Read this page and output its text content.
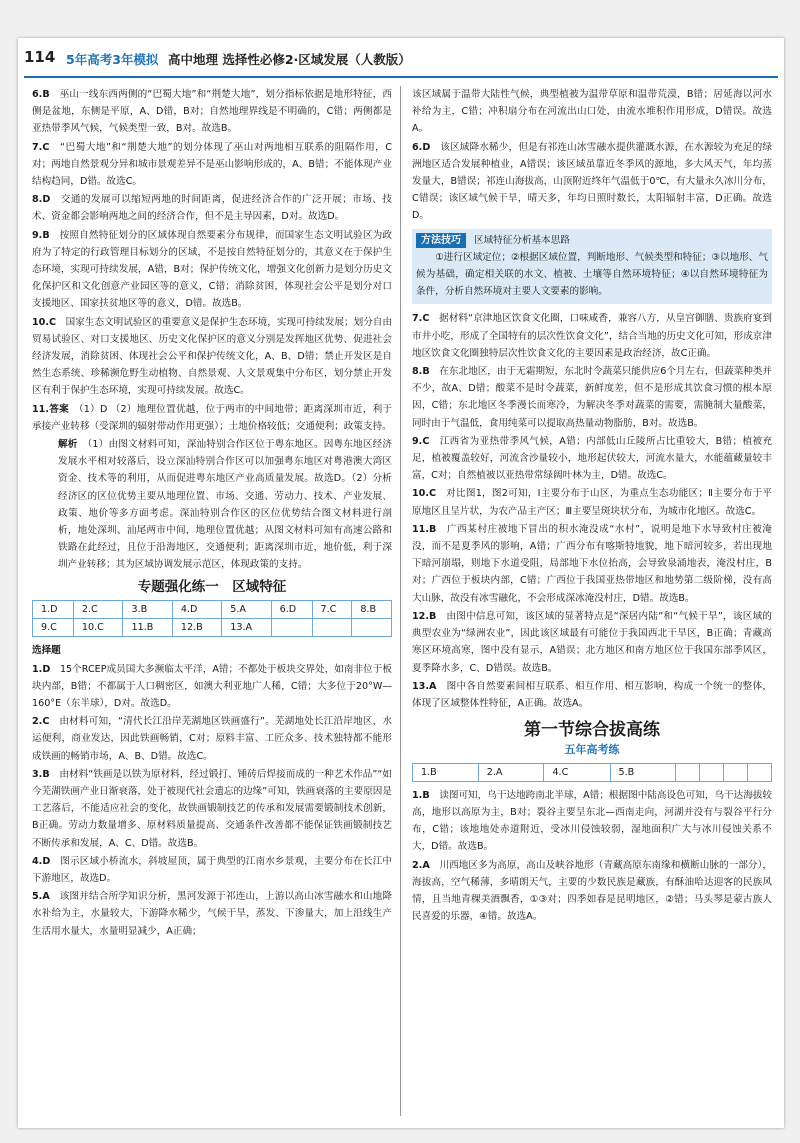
114 5年高考3年模拟 高中地理 选择性必修2·区域发展（人教版）

6.B　 巫山一线东西两侧的“巴蜀大地”和“荆楚大地”，划分指标依据是地形特征，西侧是盆地，东侧是平原，A、D错，B对；自然地理界线是不明确的，C错；两侧都是亚热带季风气候，气候类型一致，B对。故选B。

7.C　 “巴蜀大地”和“荆楚大地”的划分体现了巫山对两地相互联系的阻隔作用，C对；两地自然景观分异和城市景观差异不是巫山影响形成的，A、B错；不能体现产业结构趋同，D错。故选C。

8.D　 交通的发展可以缩短两地的时间距离，促进经济合作的广泛开展；市场、技术、资金都会影响两地之间的经济合作，但不是主导因素，D对。故选D。

9.B　 按照自然特征划分的区域体现自然要素分布规律，而国家生态文明试验区为政府为了特定的行政管理目标划分的区域，不是按自然特征划分的，其意义在于保护生态环境，实现可持续发展，A错，B对；保护传统文化，增强文化创新力是划分历史文化保护区和文化创意产业园区等的意义，C错；消除贫困，体现社会公平是划分对口支援地区、国家扶贫地区等的意义，D错。故选B。

10.C　 国家生态文明试验区的重要意义是保护生态环境，实现可持续发展；划分自由贸易试验区、对口支援地区、历史文化保护区的意义分别是发挥地区优势、促进社会经济发展，消除贫困、体现社会公平和保护传统文化，A、B、D错；禁止开发区是自然生态系统、珍稀濒危野生动植物、自然景观、人文景观集中分布区，划分禁止开发区有利于保护生态环境，实现可持续发展。故选C。

11.答案　 （1）D （2）地理位置优越，位于两市的中间地带；距离深圳市近，利于承接产业转移（受深圳的辐射带动作用更强）；土地价格较低；交通便利；政策支持。

解析　 （1）由图文材料可知，深汕特别合作区位于粤东地区。因粤东地区经济发展水平相对较落后，设立深汕特别合作区可以加强粤东地区对粤港澳大湾区资金、技术等的利用，从而促进粤东地区产业高质量发展。故选D。（2）分析经济区的区位优势主要从地理位置、市场、交通、劳动力、技术、产业发展、政策、地价等多方面考虑。深汕特别合作区的区位优势结合图文材料进行剖析，地处深圳、汕尾两市中间，地理位置优越；从图文材料可知有高速公路和铁路在此经过，且位于沿海地区，交通便利；距离深圳市近，地价低，利于深圳产业转移；其为区域协调发展示范区，体现政策的支持。

专题强化练一　区域特征
1.D	2.C	3.B	4.D	5.A	6.D	7.C	8.B
9.C	10.C	11.B	12.B	13.A			
选择题

1.D　 15个RCEP成员国大多濒临太平洋，A错；不都处于板块交界处，如南非位于板块内部，B错；不都属于人口稠密区，如澳大利亚地广人稀，C错；大多位于20°W—160°E（东半球），D对。故选D。

2.C　 由材料可知，“清代长江沿岸芜湖地区铁画盛行”。芜湖地处长江沿岸地区，水运便利，商业发达，因此铁画畅销，C对；原料丰富、工匠众多、技术独特都不能形成铁画的畅销市场，A、B、D错。故选C。

3.B　 由材料“铁画是以铁为原材料，经过锻打、锤砖后焊接而成的一种艺术作品”“如今芜湖铁画产业日渐衰落，处于被现代社会遗忘的边缘”可知，铁画衰落的主要原因是工艺落后，不能适应社会的变化，故铁画锻制技艺的传承和发展需要锻制技术创新，B正确。劳动力数量增多、原材料质量提高、交通条件改善都不能保证铁画锻制技艺不断传承和发展，A、C、D错。故选B。

4.D　 图示区域小桥流水，斜坡屋顶，属于典型的江南水乡景观，主要分布在长江中下游地区，故选D。

5.A　 该图并结合所学知识分析，黑河发源于祁连山，上游以高山冰雪融水和山地降水补给为主，水量较大，下游降水稀少，气候干旱，蒸发、下渗量大，加上沿线生产生活用水量大，水量明显减少，A正确；

该区域属于温带大陆性气候，典型植被为温带草原和温带荒漠，B错；居延海以河水补给为主，C错；冲积扇分布在河流出山口处，由流水堆积作用形成，D错误。故选A。

6.D　 该区域降水稀少，但是有祁连山冰雪融水提供灌溉水源，在水源较为充足的绿洲地区适合发展种植业，A错误；该区域虽靠近冬季风的源地，多大风天气，年均蒸发量大，B错误；祁连山海拔高，山顶附近终年气温低于0℃，有大量永久冰川分布，C错误；该区域气候干旱，晴天多，年均日照时数长，太阳辐射丰富，D正确。故选D。

方法技巧	区域特征分析基本思路
①进行区域定位；②根据区域位置，判断地形、气候类型和特征；③以地形、气候为基础，确定相关联的水文、植被、土壤等自然环境特征；④以自然环境特征为条件，分析自然环境对主要人文要素的影响。

7.C　 据材料“京津地区饮食文化圈，口味咸香，兼容八方，从皇宫御膳、贵族府宴到市井小吃，形成了全国特有的层次性饮食文化”，结合当地的历史文化可知，形成京津地区饮食文化圈独特层次性饮食文化的主要因素是政治经济，故C正确。

8.B　 在东北地区，由于无霜期短，东北时令蔬菜只能供应6个月左右，但蔬菜种类并不少，故A、D错；酸菜不是时令蔬菜，新鲜度差，但不是形成其饮食习惯的根本原因，C错；东北地区冬季漫长而寒冷，为解决冬季对蔬菜的需要，需腌制大量酸菜，同时由于气温低，食用纯菜可以提取高热量动物脂肪，B对。故选B。

9.C　 江西省为亚热带季风气候，A错；内部低山丘陵所占比重较大，B错；植被充足，植被覆盖较好，河流含沙量较小，地形起伏较大，河流水量大，水能蕴藏量较丰富，C对；自然植被以亚热带常绿阔叶林为主，D错。故选C。

10.C　 对比图1，图2可知，Ⅰ主要分布于山区，为重点生态功能区；Ⅱ主要分布于平原地区且呈片状，为农产品主产区；Ⅲ主要呈斑块状分布，为城市化地区。故选C。

11.B　 广西某村庄被地下冒出的积水淹没成“水村”，说明是地下水导致村庄被淹没，而不是夏季风的影响，A错；广西分布有喀斯特地貌，地下暗河较多，若出现地下暗河崩塌，则地下水道受阻，局部地下水位抬高，会导致泉涌地表，淹没村庄，B对；广西位于板块内部，C错；广西位于我国亚热带地区和地势第二级阶梯，没有高大山脉，故没有冰雪融化，不会形成深冰淹没村庄，D错。故选B。

12.B　 由图中信息可知，该区域的显著特点是“深居内陆”和“气候干旱”，该区域的典型农业为“绿洲农业”，因此该区域最有可能位于我国西北干旱区，B正确；青藏高寒区环境高寒，图中没有显示，A错误；北方地区和南方地区位于我国东部季风区，夏季降水多，C、D错误。故选B。

13.A　 图中各自然要素间相互联系、相互作用、相互影响，构成一个统一的整体，体现了区域整体性特征，A正确。故选A。

第一节综合拔高练
五年高考练
1.B	2.A	4.C	5.B				

1.B　 读图可知，乌干达地跨南北半球，A错；根据图中陆高设色可知，乌干达海拔较高，地形以高原为主，B对；裂谷主要呈东北—西南走向，河湖并没有与裂谷平行分布，C错；该地地处赤道附近，受冰川侵蚀较弱，湿地面积广大与冰川侵蚀关系不大，D错。故选B。

2.A　 川西地区多为高原，高山及峡谷地形（青藏高原东南缘和横断山脉的一部分），海拔高，空气稀薄，多晴朗天气，主要的少数民族是藏族，有酥油哈达迎客的民族风情，且当地青稞美酒飘香，①③对；四季如春是昆明地区，②错；马头琴是蒙古族人民喜爱的乐器，④错。故选A。
